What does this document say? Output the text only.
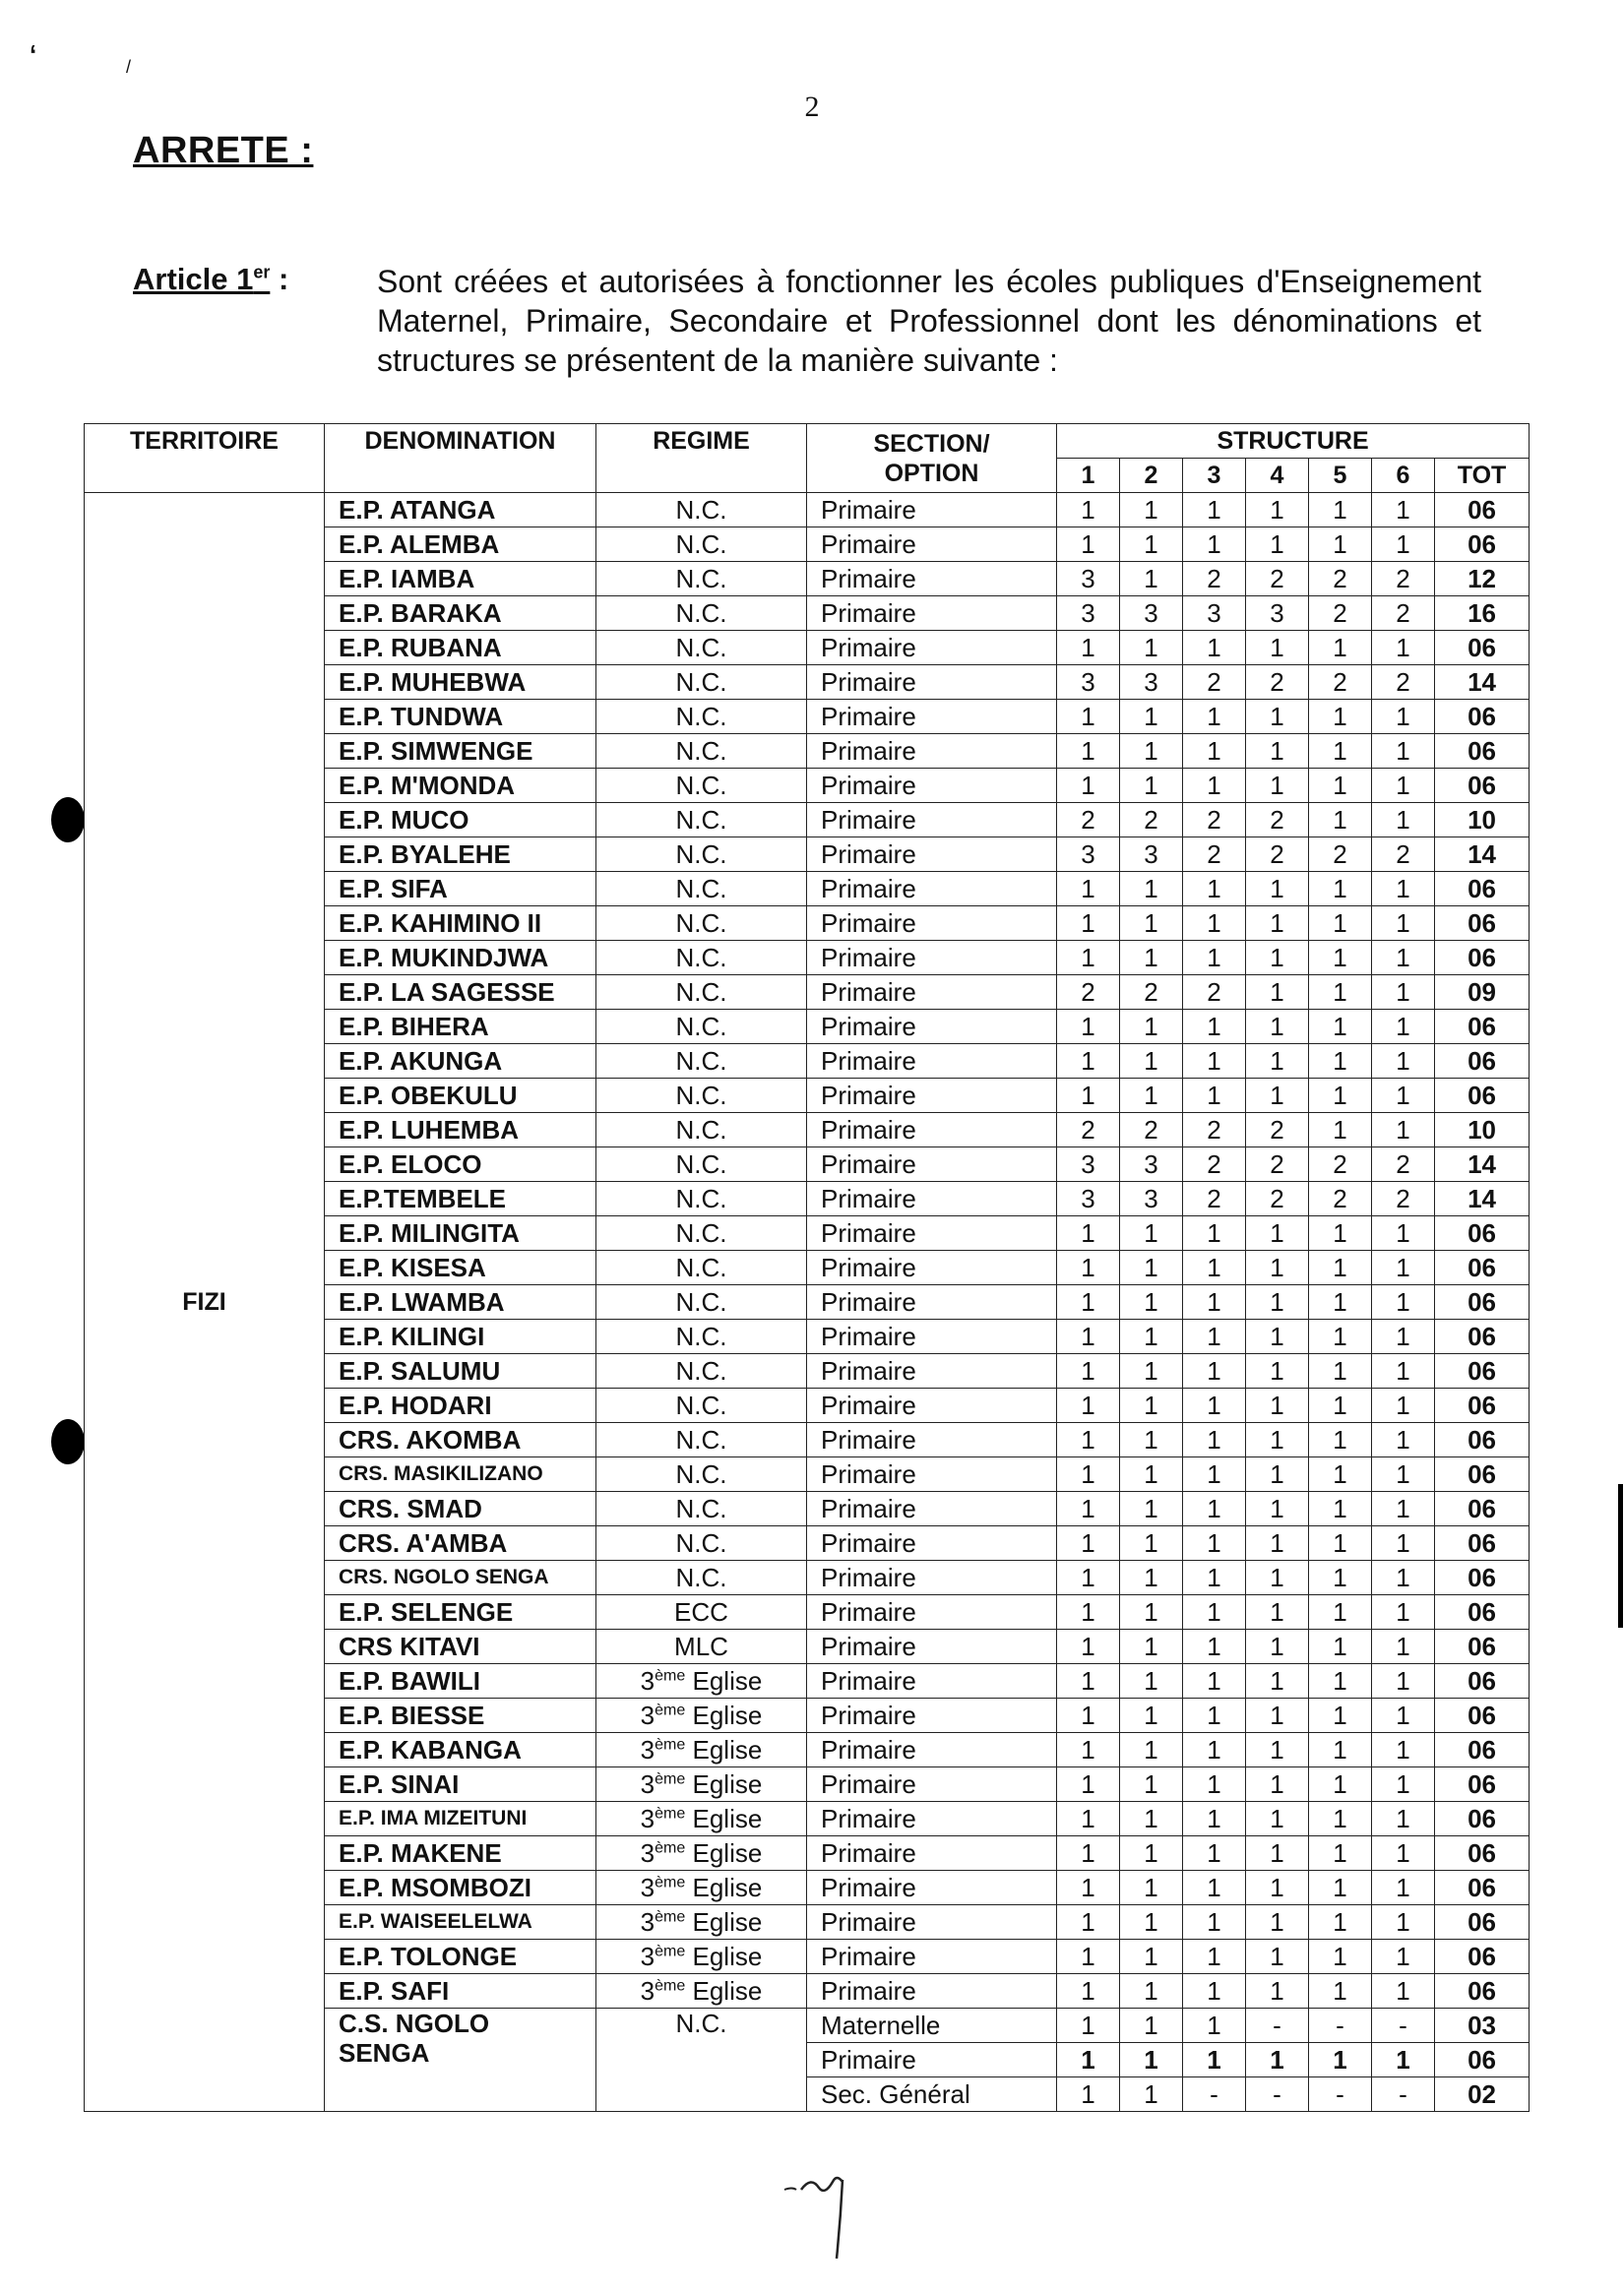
‘	/
2
ARRETE :
Article 1er :	Sont créées et autorisées à fonctionner les écoles publiques d'Enseignement Maternel, Primaire, Secondaire et Professionnel dont les dénominations et structures se présentent de la manière suivante :
TERRITOIRE	DENOMINATION	REGIME	SECTION/
OPTION	STRUCTURE						
				1	2	3	4	5	6	TOT
FIZI	E.P. ATANGA	N.C.	Primaire	1	1	1	1	1	1	06
	E.P. ALEMBA	N.C.	Primaire	1	1	1	1	1	1	06
	E.P. IAMBA	N.C.	Primaire	3	1	2	2	2	2	12
	E.P. BARAKA	N.C.	Primaire	3	3	3	3	2	2	16
	E.P. RUBANA	N.C.	Primaire	1	1	1	1	1	1	06
	E.P. MUHEBWA	N.C.	Primaire	3	3	2	2	2	2	14
	E.P. TUNDWA	N.C.	Primaire	1	1	1	1	1	1	06
	E.P. SIMWENGE	N.C.	Primaire	1	1	1	1	1	1	06
	E.P. M'MONDA	N.C.	Primaire	1	1	1	1	1	1	06
	E.P. MUCO	N.C.	Primaire	2	2	2	2	1	1	10
	E.P. BYALEHE	N.C.	Primaire	3	3	2	2	2	2	14
	E.P. SIFA	N.C.	Primaire	1	1	1	1	1	1	06
	E.P. KAHIMINO II	N.C.	Primaire	1	1	1	1	1	1	06
	E.P. MUKINDJWA	N.C.	Primaire	1	1	1	1	1	1	06
	E.P. LA SAGESSE	N.C.	Primaire	2	2	2	1	1	1	09
	E.P. BIHERA	N.C.	Primaire	1	1	1	1	1	1	06
	E.P. AKUNGA	N.C.	Primaire	1	1	1	1	1	1	06
	E.P. OBEKULU	N.C.	Primaire	1	1	1	1	1	1	06
	E.P. LUHEMBA	N.C.	Primaire	2	2	2	2	1	1	10
	E.P. ELOCO	N.C.	Primaire	3	3	2	2	2	2	14
	E.P.TEMBELE	N.C.	Primaire	3	3	2	2	2	2	14
	E.P. MILINGITA	N.C.	Primaire	1	1	1	1	1	1	06
	E.P. KISESA	N.C.	Primaire	1	1	1	1	1	1	06
	E.P. LWAMBA	N.C.	Primaire	1	1	1	1	1	1	06
	E.P. KILINGI	N.C.	Primaire	1	1	1	1	1	1	06
	E.P. SALUMU	N.C.	Primaire	1	1	1	1	1	1	06
	E.P. HODARI	N.C.	Primaire	1	1	1	1	1	1	06
	CRS. AKOMBA	N.C.	Primaire	1	1	1	1	1	1	06
	CRS. MASIKILIZANO	N.C.	Primaire	1	1	1	1	1	1	06
	CRS. SMAD	N.C.	Primaire	1	1	1	1	1	1	06
	CRS. A'AMBA	N.C.	Primaire	1	1	1	1	1	1	06
	CRS. NGOLO SENGA	N.C.	Primaire	1	1	1	1	1	1	06
	E.P. SELENGE	ECC	Primaire	1	1	1	1	1	1	06
	CRS KITAVI	MLC	Primaire	1	1	1	1	1	1	06
	E.P. BAWILI	3ème Eglise	Primaire	1	1	1	1	1	1	06
	E.P. BIESSE	3ème Eglise	Primaire	1	1	1	1	1	1	06
	E.P. KABANGA	3ème Eglise	Primaire	1	1	1	1	1	1	06
	E.P. SINAI	3ème Eglise	Primaire	1	1	1	1	1	1	06
	E.P. IMA MIZEITUNI	3ème Eglise	Primaire	1	1	1	1	1	1	06
	E.P. MAKENE	3ème Eglise	Primaire	1	1	1	1	1	1	06
	E.P. MSOMBOZI	3ème Eglise	Primaire	1	1	1	1	1	1	06
	E.P. WAISEELELWA	3ème Eglise	Primaire	1	1	1	1	1	1	06
	E.P. TOLONGE	3ème Eglise	Primaire	1	1	1	1	1	1	06
	E.P. SAFI	3ème Eglise	Primaire	1	1	1	1	1	1	06

	C.S. NGOLO
SENGA	N.C.	Maternelle	1	1	1	-	-	-	03
			Primaire	1	1	1	1	1	1	06
			Sec. Général	1	1	-	-	-	-	02
